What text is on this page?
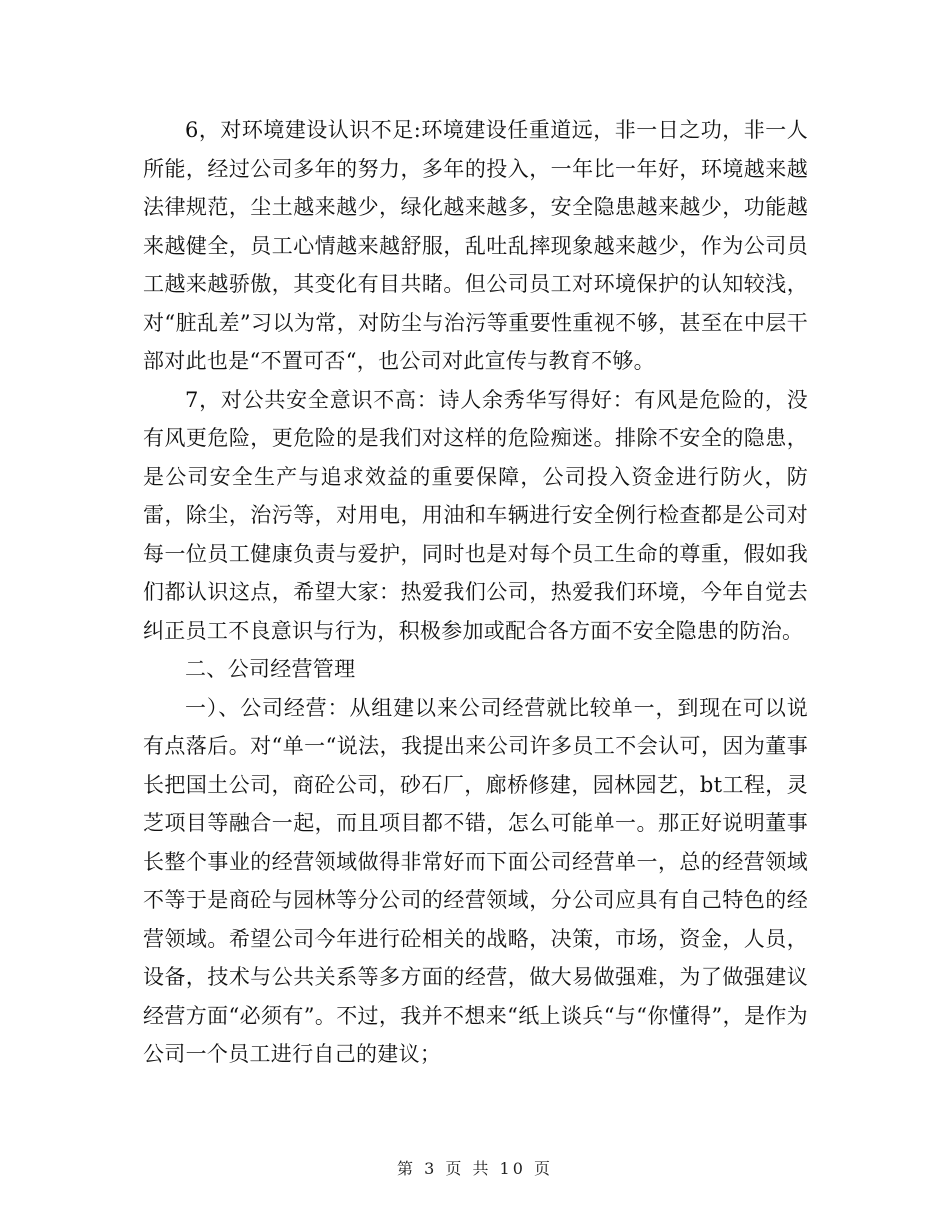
6，对环境建设认识不足:环境建设任重道远，非一日之功，非一人所能，经过公司多年的努力，多年的投入，一年比一年好，环境越来越法律规范，尘土越来越少，绿化越来越多，安全隐患越来越少，功能越来越健全，员工心情越来越舒服，乱吐乱摔现象越来越少，作为公司员工越来越骄傲，其变化有目共睹。但公司员工对环境保护的认知较浅，对“脏乱差”习以为常，对防尘与治污等重要性重视不够，甚至在中层干部对此也是“不置可否“，也公司对此宣传与教育不够。

7，对公共安全意识不高：诗人余秀华写得好：有风是危险的，没有风更危险，更危险的是我们对这样的危险痴迷。排除不安全的隐患，是公司安全生产与追求效益的重要保障，公司投入资金进行防火，防雷，除尘，治污等，对用电，用油和车辆进行安全例行检查都是公司对每一位员工健康负责与爱护，同时也是对每个员工生命的尊重，假如我们都认识这点，希望大家：热爱我们公司，热爱我们环境，今年自觉去纠正员工不良意识与行为，积极参加或配合各方面不安全隐患的防治。

二、公司经营管理

一）、公司经营：从组建以来公司经营就比较单一，到现在可以说有点落后。对“单一“说法，我提出来公司许多员工不会认可，因为董事长把国土公司，商砼公司，砂石厂，廊桥修建，园林园艺，bt工程，灵芝项目等融合一起，而且项目都不错，怎么可能单一。那正好说明董事长整个事业的经营领域做得非常好而下面公司经营单一，总的经营领域不等于是商砼与园林等分公司的经营领域，分公司应具有自己特色的经营领域。希望公司今年进行砼相关的战略，决策，市场，资金，人员，设备，技术与公共关系等多方面的经营，做大易做强难，为了做强建议经营方面“必须有”。不过，我并不想来“纸上谈兵“与“你懂得”，是作为公司一个员工进行自己的建议；

第 3 页 共 10 页
